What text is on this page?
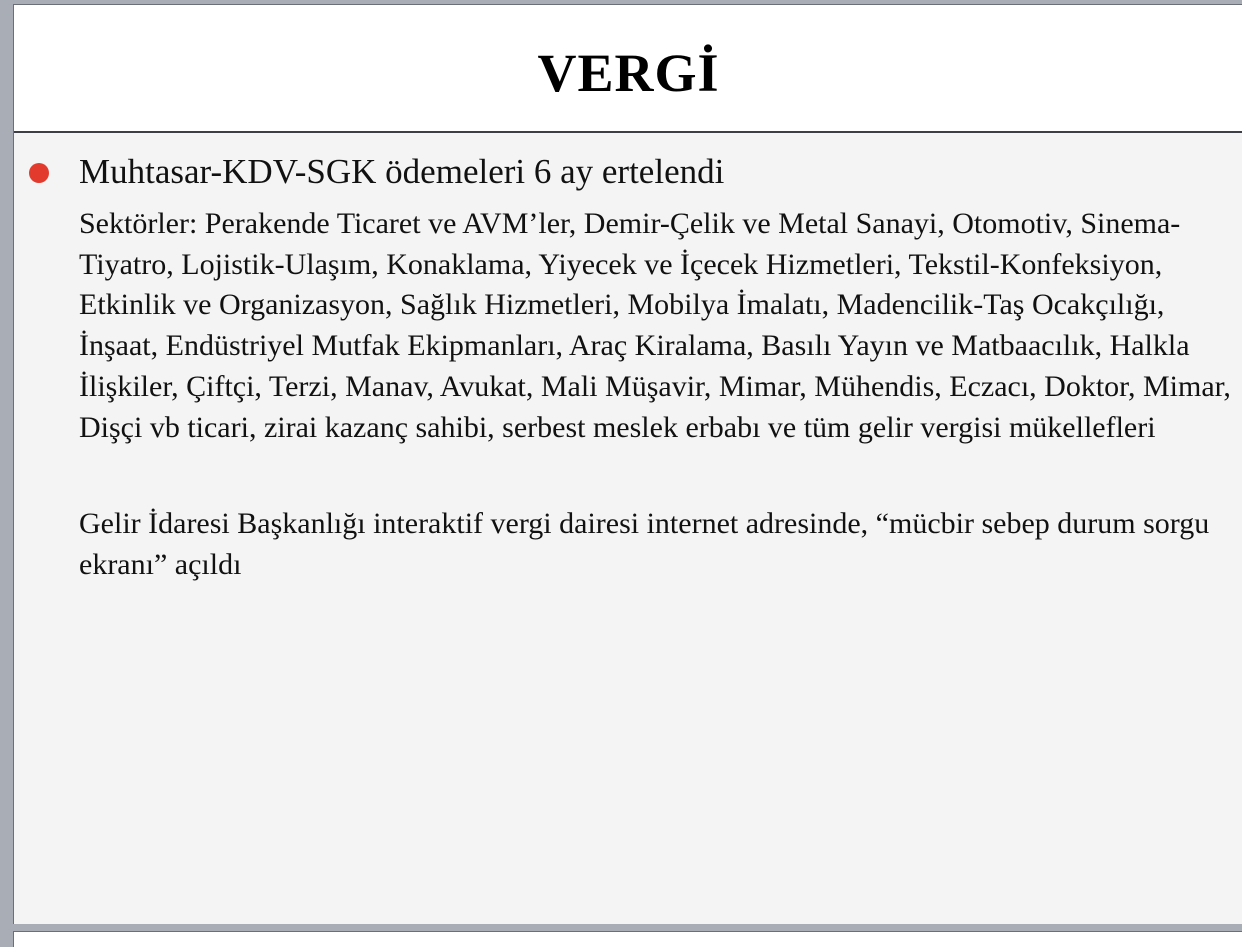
VERGİ
Muhtasar-KDV-SGK ödemeleri 6 ay ertelendi
Sektörler: Perakende Ticaret ve AVM’ler, Demir-Çelik ve Metal Sanayi, Otomotiv, Sinema-Tiyatro, Lojistik-Ulaşım, Konaklama, Yiyecek ve İçecek Hizmetleri, Tekstil-Konfeksiyon, Etkinlik ve Organizasyon, Sağlık Hizmetleri, Mobilya İmalatı, Madencilik-Taş Ocakçılığı, İnşaat, Endüstriyel Mutfak Ekipmanları, Araç Kiralama, Basılı Yayın ve Matbaacılık, Halkla İlişkiler, Çiftçi, Terzi, Manav, Avukat, Mali Müşavir, Mimar, Mühendis, Eczacı, Doktor, Mimar, Dişçi vb ticari, zirai kazanç sahibi, serbest meslek erbabı ve tüm gelir vergisi mükellefleri
Gelir İdaresi Başkanlığı interaktif vergi dairesi internet adresinde, “mücbir sebep durum sorgu ekranı” açıldı
